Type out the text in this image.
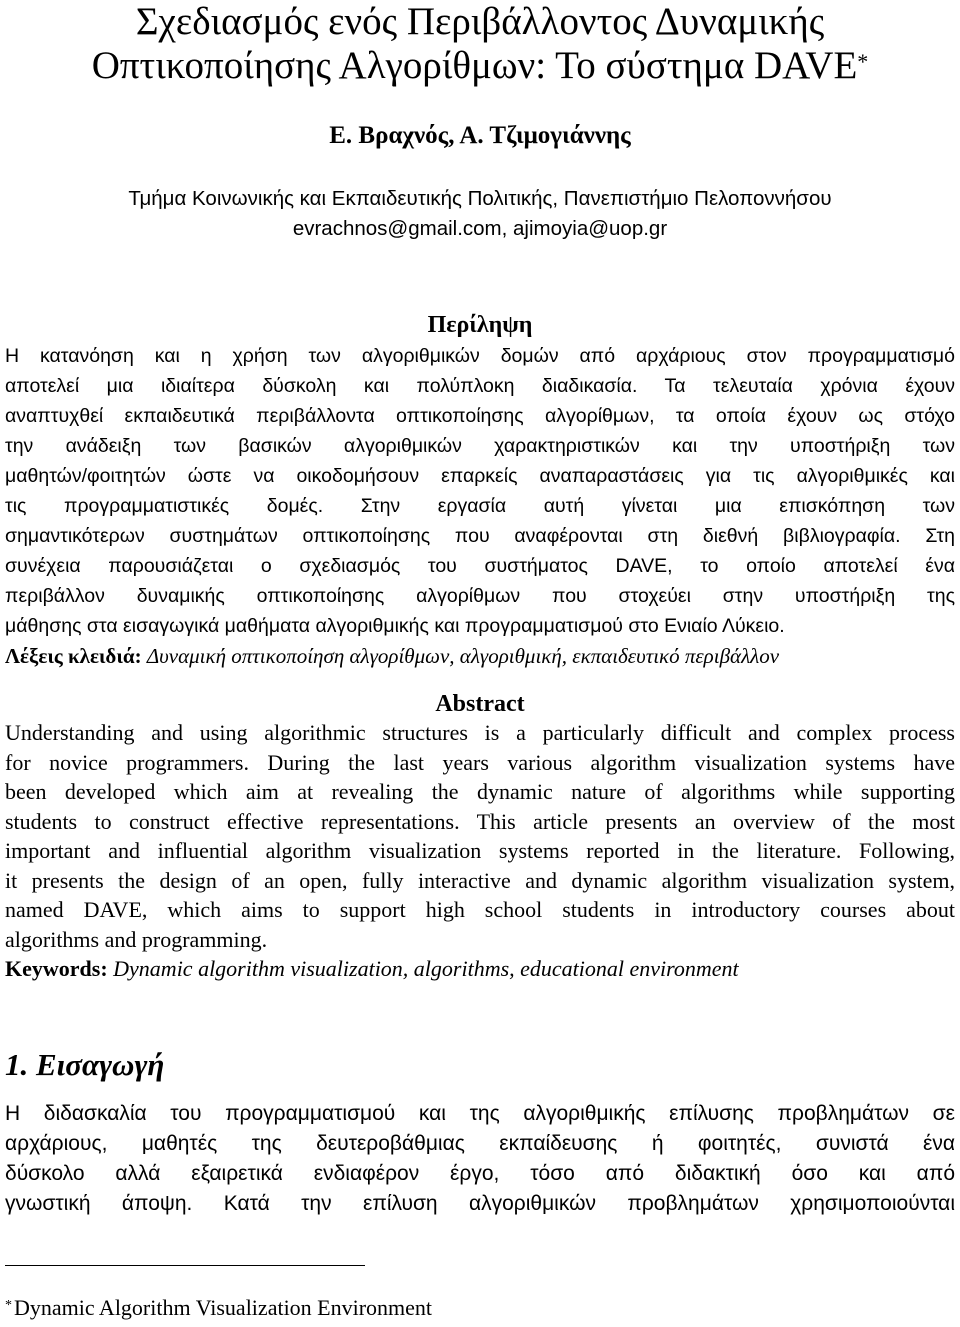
Σχεδιασμός ενός Περιβάλλοντος Δυναμικής
Οπτικοποίησης Αλγορίθμων: Το σύστημα DAVE*
Ε. Βραχνός, Α. Τζιμογιάννης
Τμήμα Κοινωνικής και Εκπαιδευτικής Πολιτικής, Πανεπιστήμιο Πελοποννήσου
evrachnos@gmail.com, ajimoyia@uop.gr
Περίληψη
Η κατανόηση και η χρήση των αλγοριθμικών δομών από αρχάριους στον προγραμματισμό
αποτελεί μια ιδιαίτερα δύσκολη και πολύπλοκη διαδικασία. Τα τελευταία χρόνια έχουν
αναπτυχθεί εκπαιδευτικά περιβάλλοντα οπτικοποίησης αλγορίθμων, τα οποία έχουν ως στόχο
την ανάδειξη των βασικών αλγοριθμικών χαρακτηριστικών και την υποστήριξη των
μαθητών/φοιτητών ώστε να οικοδομήσουν επαρκείς αναπαραστάσεις για τις αλγοριθμικές και
τις προγραμματιστικές δομές. Στην εργασία αυτή γίνεται μια επισκόπηση των
σημαντικότερων συστημάτων οπτικοποίησης που αναφέρονται στη διεθνή βιβλιογραφία. Στη
συνέχεια παρουσιάζεται ο σχεδιασμός του συστήματος DAVE, το οποίο αποτελεί ένα
περιβάλλον δυναμικής οπτικοποίησης αλγορίθμων που στοχεύει στην υποστήριξη της
μάθησης στα εισαγωγικά μαθήματα αλγοριθμικής και προγραμματισμού στο Ενιαίο Λύκειο.
Λέξεις κλειδιά: Δυναμική οπτικοποίηση αλγορίθμων, αλγοριθμική, εκπαιδευτικό περιβάλλον
Abstract
Understanding and using algorithmic structures is a particularly difficult and complex process
for novice programmers. During the last years various algorithm visualization systems have
been developed which aim at revealing the dynamic nature of algorithms while supporting
students to construct effective representations. This article presents an overview of the most
important and influential algorithm visualization systems reported in the literature. Following,
it presents the design of an open, fully interactive and dynamic algorithm visualization system,
named DAVE, which aims to support high school students in introductory courses about
algorithms and programming.
Keywords: Dynamic algorithm visualization, algorithms, educational environment
1. Εισαγωγή
Η διδασκαλία του προγραμματισμού και της αλγοριθμικής επίλυσης προβλημάτων σε
αρχάριους, μαθητές της δευτεροβάθμιας εκπαίδευσης ή φοιτητές, συνιστά ένα
δύσκολο αλλά εξαιρετικά ενδιαφέρον έργο, τόσο από διδακτική όσο και από
γνωστική άποψη. Κατά την επίλυση αλγοριθμικών προβλημάτων χρησιμοποιούνται
*Dynamic Algorithm Visualization Environment
